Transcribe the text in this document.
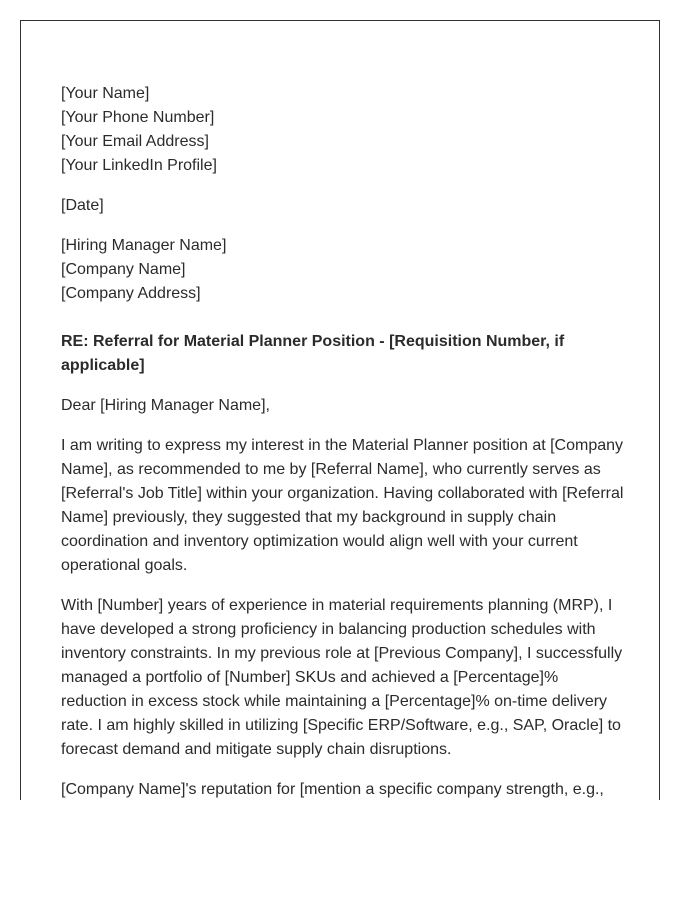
[Your Name]
[Your Phone Number]
[Your Email Address]
[Your LinkedIn Profile]
[Date]
[Hiring Manager Name]
[Company Name]
[Company Address]
RE: Referral for Material Planner Position - [Requisition Number, if applicable]
Dear [Hiring Manager Name],

I am writing to express my interest in the Material Planner position at [Company Name], as recommended to me by [Referral Name], who currently serves as [Referral's Job Title] within your organization. Having collaborated with [Referral Name] previously, they suggested that my background in supply chain coordination and inventory optimization would align well with your current operational goals.

With [Number] years of experience in material requirements planning (MRP), I have developed a strong proficiency in balancing production schedules with inventory constraints. In my previous role at [Previous Company], I successfully managed a portfolio of [Number] SKUs and achieved a [Percentage]% reduction in excess stock while maintaining a [Percentage]% on-time delivery rate. I am highly skilled in utilizing [Specific ERP/Software, e.g., SAP, Oracle] to forecast demand and mitigate supply chain disruptions.

[Company Name]'s reputation for [mention a specific company strength, e.g.,
